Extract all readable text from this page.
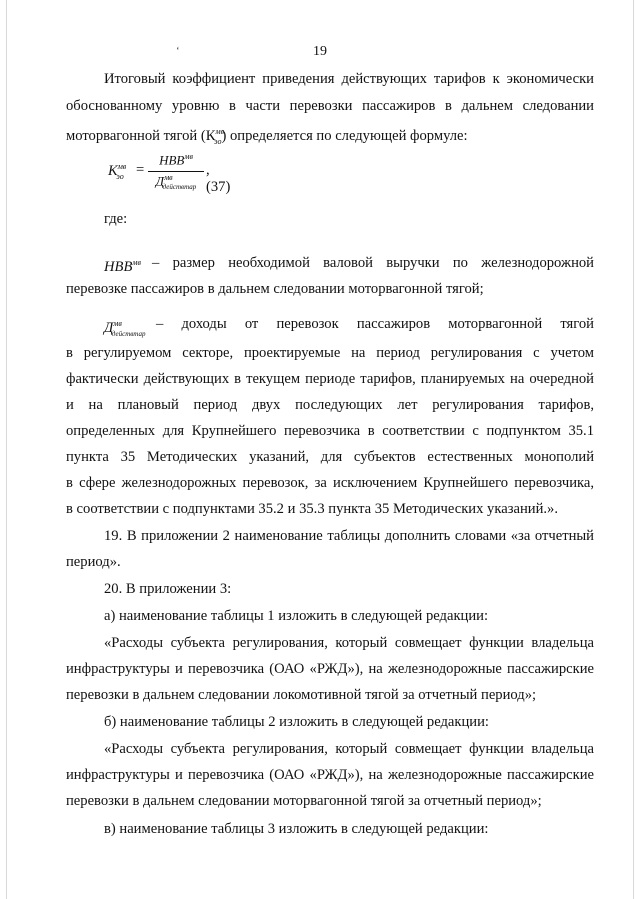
ʻ	19
Итоговый коэффициент приведения действующих тарифов к экономически
обоснованному уровню в части перевозки пассажиров в дальнем следовании
моторвагонной тягой $(К^{мв}_{эо})$ определяется по следующей формуле:
$К^{мв}_{эо}$ =
$НВВ^{мв}$
$Д^{мв}_{действтар}$
, (37)
где:
$НВВ^{мв}$ – размер необходимой валовой выручки по железнодорожной
перевозке пассажиров в дальнем следовании моторвагонной тягой;
$Д^{мв}_{действтар}$
– доходы от перевозок пассажиров моторвагонной тягой
в регулируемом секторе, проектируемые на период регулирования с учетом
фактически действующих в текущем периоде тарифов, планируемых на очередной
и на плановый период двух последующих лет регулирования тарифов,
определенных для Крупнейшего перевозчика в соответствии с подпунктом 35.1
пункта 35 Методических указаний, для субъектов естественных монополий
в сфере железнодорожных перевозок, за исключением Крупнейшего перевозчика,
в соответствии с подпунктами 35.2 и 35.3 пункта 35 Методических указаний.».
19. В приложении 2 наименование таблицы дополнить словами «за отчетный
период».
20. В приложении 3:
а) наименование таблицы 1 изложить в следующей редакции:
«Расходы субъекта регулирования, который совмещает функции владельца
инфраструктуры и перевозчика (ОАО «РЖД»), на железнодорожные пассажирские
перевозки в дальнем следовании локомотивной тягой за отчетный период»;
б) наименование таблицы 2 изложить в следующей редакции:
«Расходы субъекта регулирования, который совмещает функции владельца
инфраструктуры и перевозчика (ОАО «РЖД»), на железнодорожные пассажирские
перевозки в дальнем следовании моторвагонной тягой за отчетный период»;
в) наименование таблицы 3 изложить в следующей редакции:
